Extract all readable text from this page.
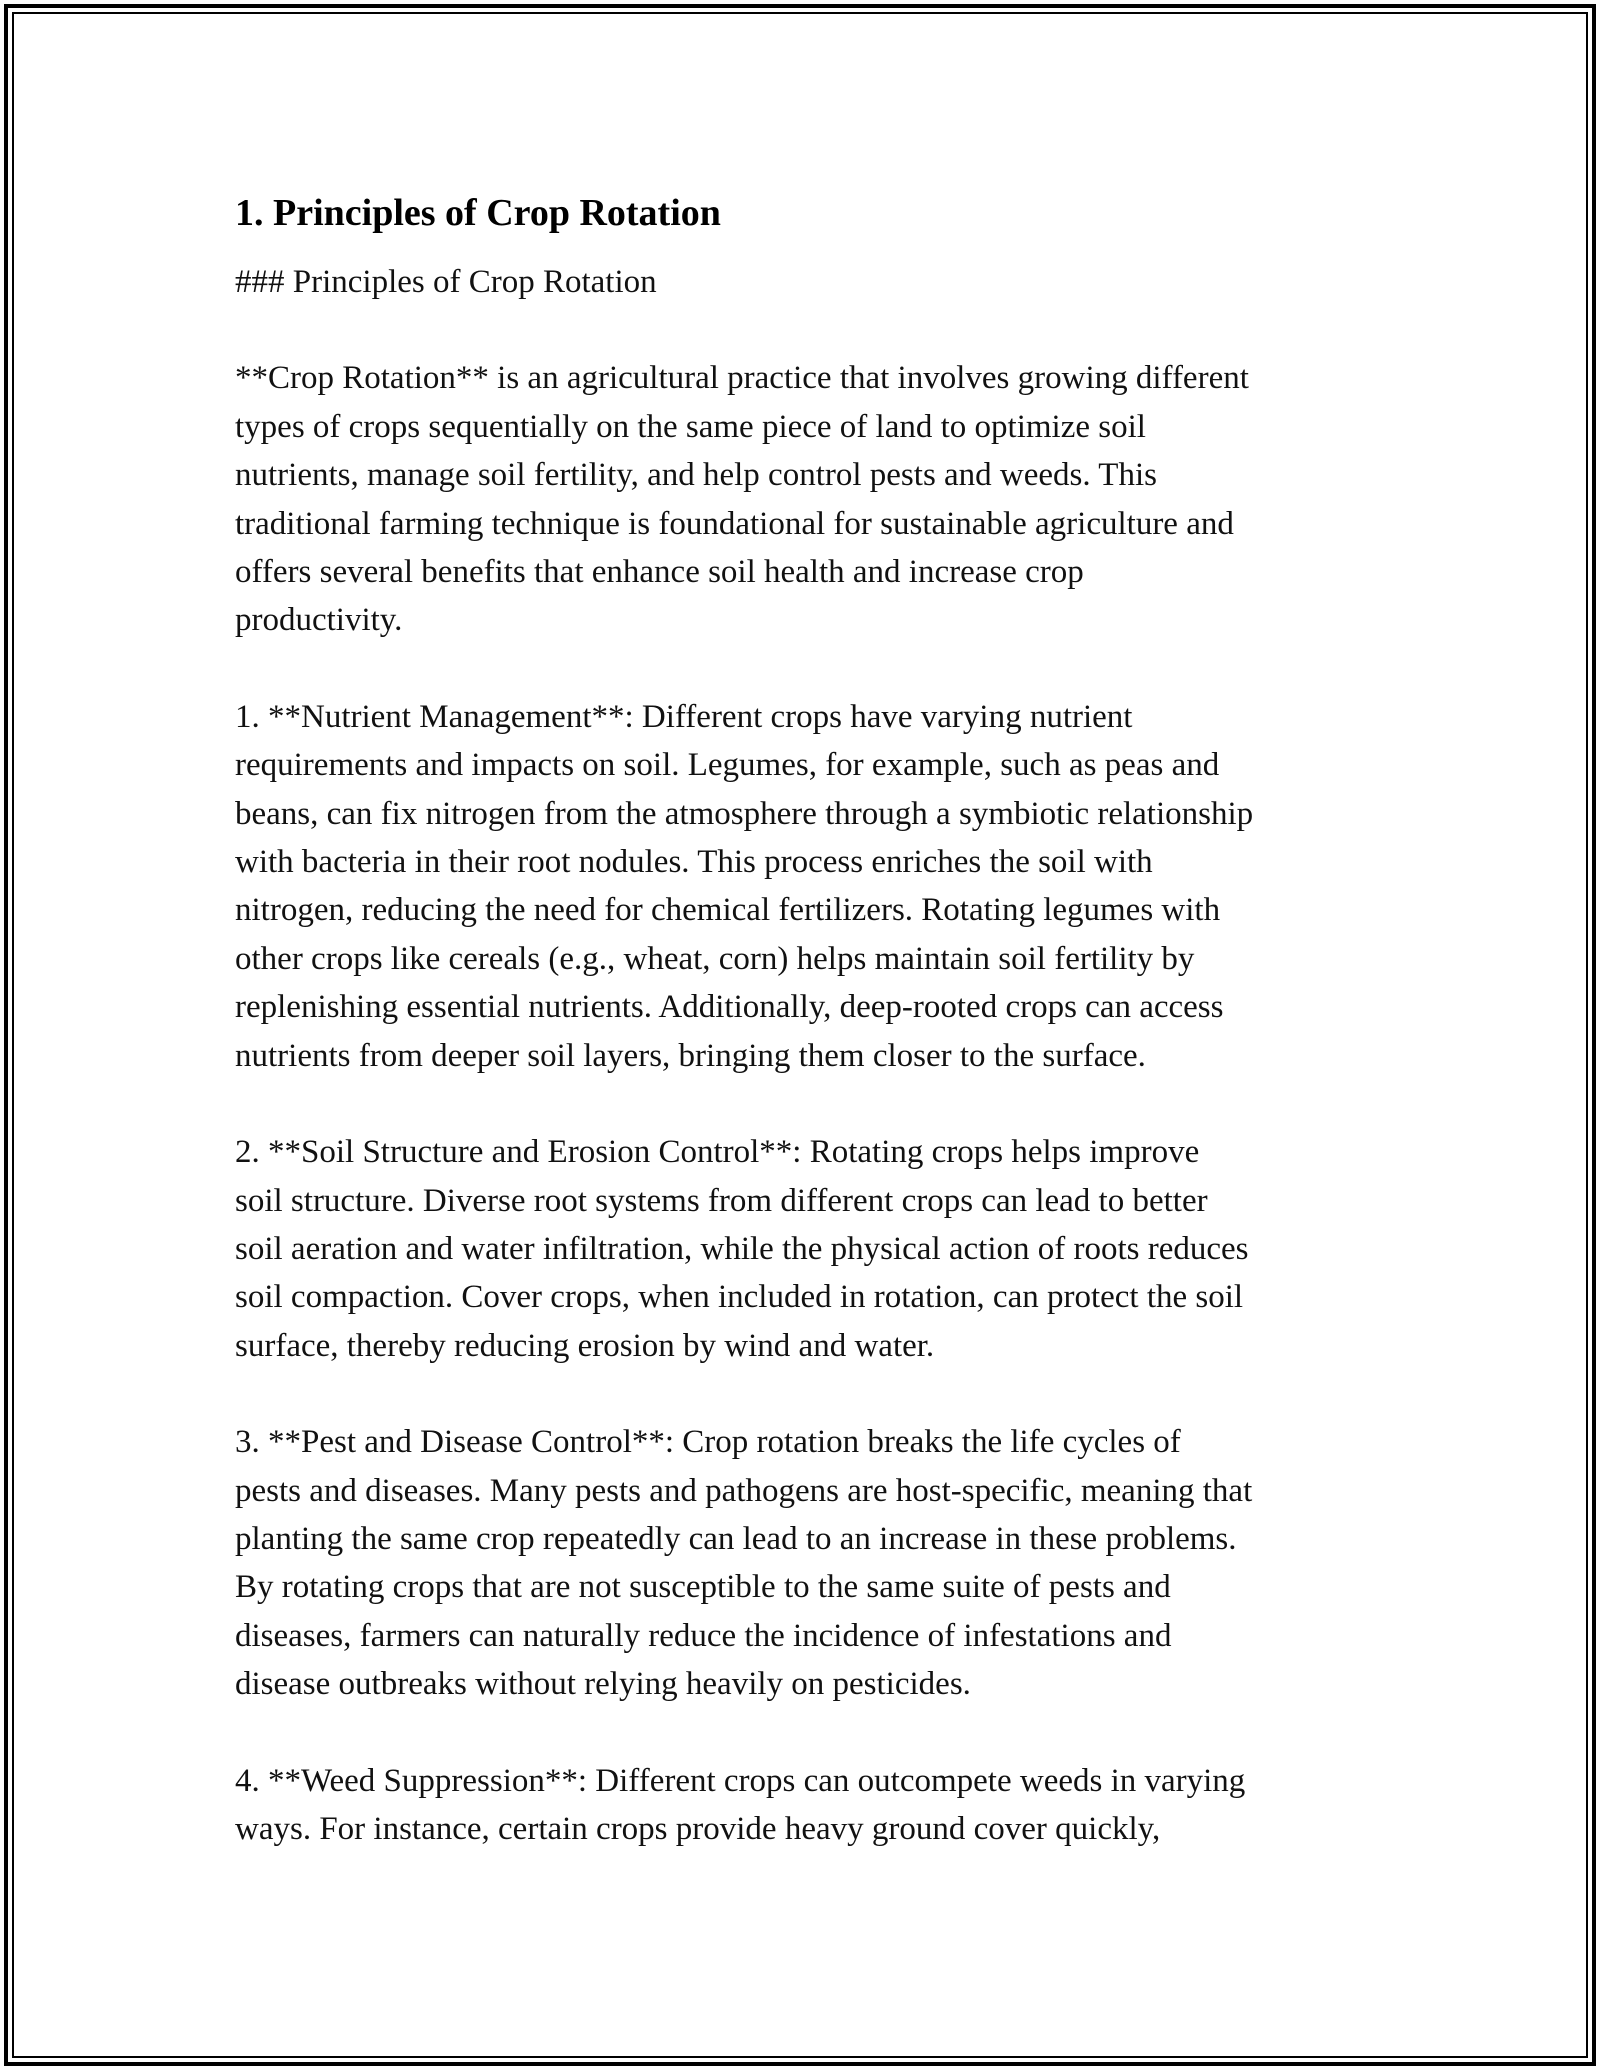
1. Principles of Crop Rotation

### Principles of Crop Rotation

**Crop Rotation** is an agricultural practice that involves growing different
types of crops sequentially on the same piece of land to optimize soil
nutrients, manage soil fertility, and help control pests and weeds. This
traditional farming technique is foundational for sustainable agriculture and
offers several benefits that enhance soil health and increase crop
productivity.

1. **Nutrient Management**: Different crops have varying nutrient
requirements and impacts on soil. Legumes, for example, such as peas and
beans, can fix nitrogen from the atmosphere through a symbiotic relationship
with bacteria in their root nodules. This process enriches the soil with
nitrogen, reducing the need for chemical fertilizers. Rotating legumes with
other crops like cereals (e.g., wheat, corn) helps maintain soil fertility by
replenishing essential nutrients. Additionally, deep-rooted crops can access
nutrients from deeper soil layers, bringing them closer to the surface.

2. **Soil Structure and Erosion Control**: Rotating crops helps improve
soil structure. Diverse root systems from different crops can lead to better
soil aeration and water infiltration, while the physical action of roots reduces
soil compaction. Cover crops, when included in rotation, can protect the soil
surface, thereby reducing erosion by wind and water.

3. **Pest and Disease Control**: Crop rotation breaks the life cycles of
pests and diseases. Many pests and pathogens are host-specific, meaning that
planting the same crop repeatedly can lead to an increase in these problems.
By rotating crops that are not susceptible to the same suite of pests and
diseases, farmers can naturally reduce the incidence of infestations and
disease outbreaks without relying heavily on pesticides.

4. **Weed Suppression**: Different crops can outcompete weeds in varying
ways. For instance, certain crops provide heavy ground cover quickly,
